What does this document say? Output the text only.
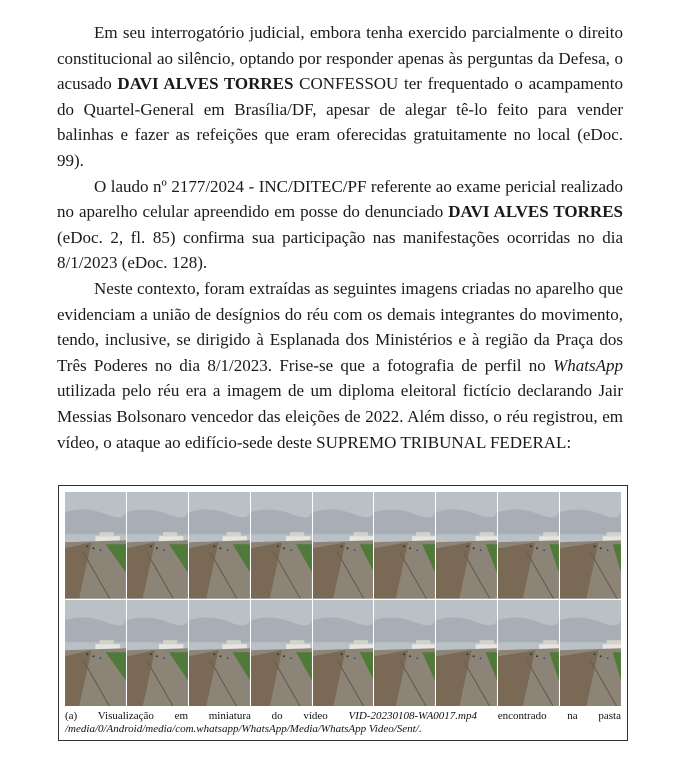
Em seu interrogatório judicial, embora tenha exercido parcialmente o direito constitucional ao silêncio, optando por responder apenas às perguntas da Defesa, o acusado DAVI ALVES TORRES CONFESSOU ter frequentado o acampamento do Quartel-General em Brasília/DF, apesar de alegar tê-lo feito para vender balinhas e fazer as refeições que eram oferecidas gratuitamente no local (eDoc. 99).

O laudo nº 2177/2024 - INC/DITEC/PF referente ao exame pericial realizado no aparelho celular apreendido em posse do denunciado DAVI ALVES TORRES (eDoc. 2, fl. 85) confirma sua participação nas manifestações ocorridas no dia 8/1/2023 (eDoc. 128).

Neste contexto, foram extraídas as seguintes imagens criadas no aparelho que evidenciam a união de desígnios do réu com os demais integrantes do movimento, tendo, inclusive, se dirigido à Esplanada dos Ministérios e à região da Praça dos Três Poderes no dia 8/1/2023. Frise-se que a fotografia de perfil no WhatsApp utilizada pelo réu era a imagem de um diploma eleitoral fictício declarando Jair Messias Bolsonaro vencedor das eleições de 2022. Além disso, o réu registrou, em vídeo, o ataque ao edifício-sede deste SUPREMO TRIBUNAL FEDERAL:

(a) Visualização em miniatura do vídeo VID-20230108-WA0017.mp4 encontrado na pasta /media/0/Android/media/com.whatsapp/WhatsApp/Media/WhatsApp Video/Sent/.
